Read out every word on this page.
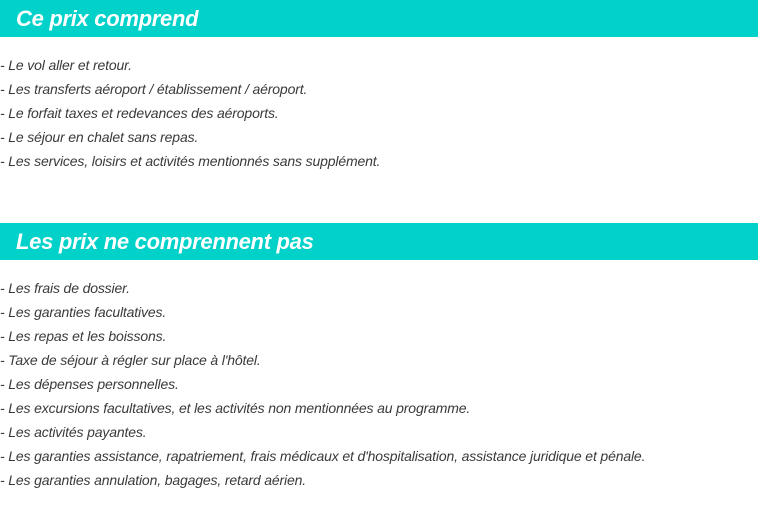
Ce prix comprend
- Le vol aller et retour.
- Les transferts aéroport / établissement / aéroport.
- Le forfait taxes et redevances des aéroports.
- Le séjour en chalet sans repas.
- Les services, loisirs et activités mentionnés sans supplément.
Les prix ne comprennent pas
- Les frais de dossier.
- Les garanties facultatives.
- Les repas et les boissons.
- Taxe de séjour à régler sur place à l'hôtel.
- Les dépenses personnelles.
- Les excursions facultatives, et les activités non mentionnées au programme.
- Les activités payantes.
- Les garanties assistance, rapatriement, frais médicaux et d'hospitalisation, assistance juridique et pénale.
- Les garanties annulation, bagages, retard aérien.
